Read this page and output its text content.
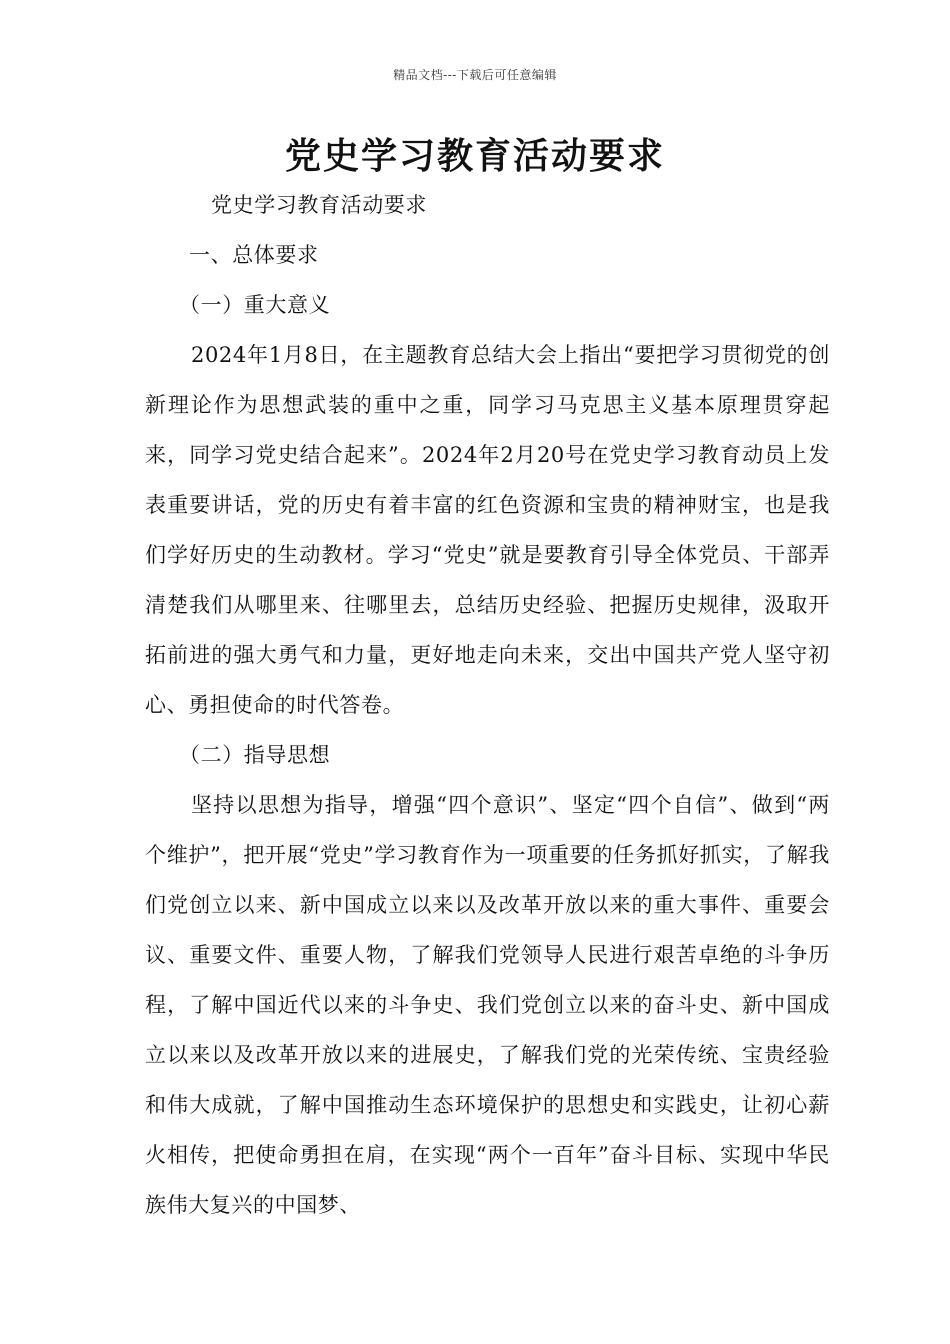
精品文档---下载后可任意编辑
党史学习教育活动要求

党史学习教育活动要求

一、总体要求

（一）重大意义

2024年1月8日，在主题教育总结大会上指出“要把学习贯彻党的创新理论作为思想武装的重中之重，同学习马克思主义基本原理贯穿起来，同学习党史结合起来”。2024年2月20号在党史学习教育动员上发表重要讲话，党的历史有着丰富的红色资源和宝贵的精神财宝，也是我们学好历史的生动教材。学习“党史”就是要教育引导全体党员、干部弄清楚我们从哪里来、往哪里去，总结历史经验、把握历史规律，汲取开拓前进的强大勇气和力量，更好地走向未来，交出中国共产党人坚守初心、勇担使命的时代答卷。

（二）指导思想

坚持以思想为指导，增强“四个意识”、坚定“四个自信”、做到“两个维护”，把开展“党史”学习教育作为一项重要的任务抓好抓实，了解我们党创立以来、新中国成立以来以及改革开放以来的重大事件、重要会议、重要文件、重要人物，了解我们党领导人民进行艰苦卓绝的斗争历程，了解中国近代以来的斗争史、我们党创立以来的奋斗史、新中国成立以来以及改革开放以来的进展史，了解我们党的光荣传统、宝贵经验和伟大成就，了解中国推动生态环境保护的思想史和实践史，让初心薪火相传，把使命勇担在肩，在实现“两个一百年”奋斗目标、实现中华民族伟大复兴的中国梦、
